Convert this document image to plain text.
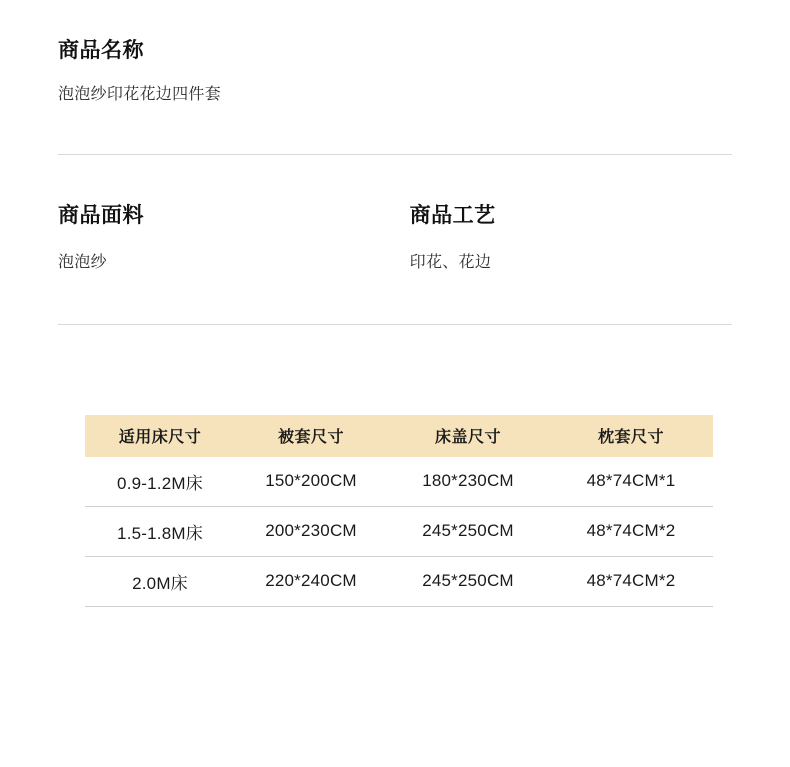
商品名称

泡泡纱印花花边四件套

商品面料

泡泡纱

商品工艺

印花、花边

适用床尺寸	被套尺寸	床盖尺寸	枕套尺寸
0.9-1.2M床	150*200CM	180*230CM	48*74CM*1
1.5-1.8M床	200*230CM	245*250CM	48*74CM*2
2.0M床	220*240CM	245*250CM	48*74CM*2
